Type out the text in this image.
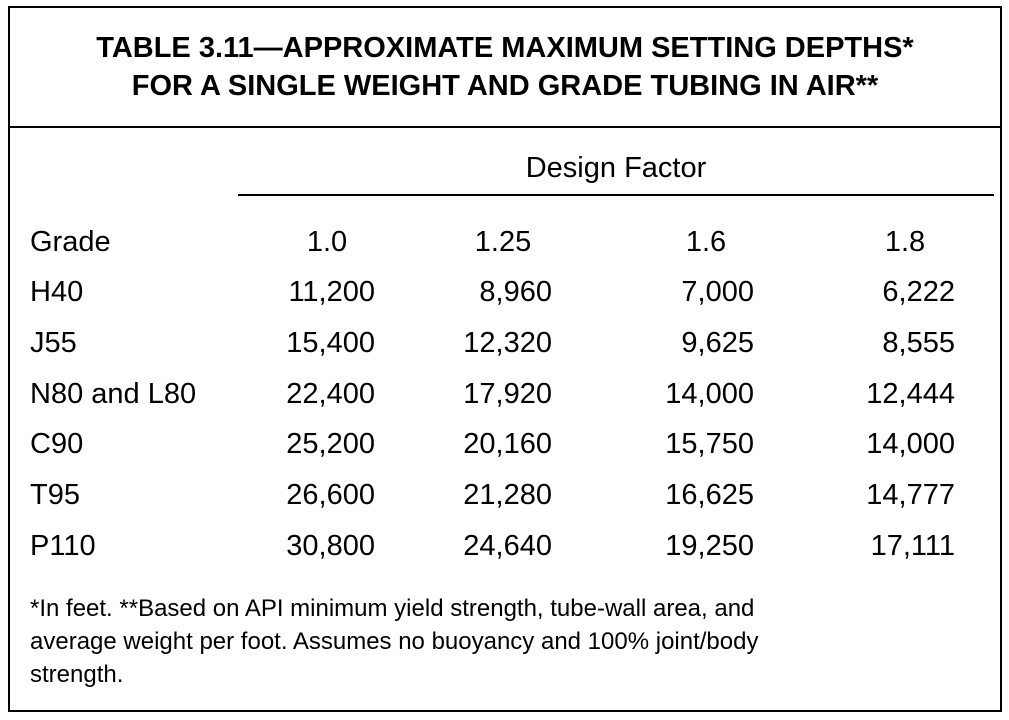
TABLE 3.11—APPROXIMATE MAXIMUM SETTING DEPTHS*
FOR A SINGLE WEIGHT AND GRADE TUBING IN AIR**
Design Factor
Grade	1.0	1.25	1.6	1.8
H40	11,200	8,960	7,000	6,222
J55	15,400	12,320	9,625	8,555
N80 and L80	22,400	17,920	14,000	12,444
C90	25,200	20,160	15,750	14,000
T95	26,600	21,280	16,625	14,777
P110	30,800	24,640	19,250	17,111
*In feet. **Based on API minimum yield strength, tube-wall area, and
average weight per foot. Assumes no buoyancy and 100% joint/body
strength.
